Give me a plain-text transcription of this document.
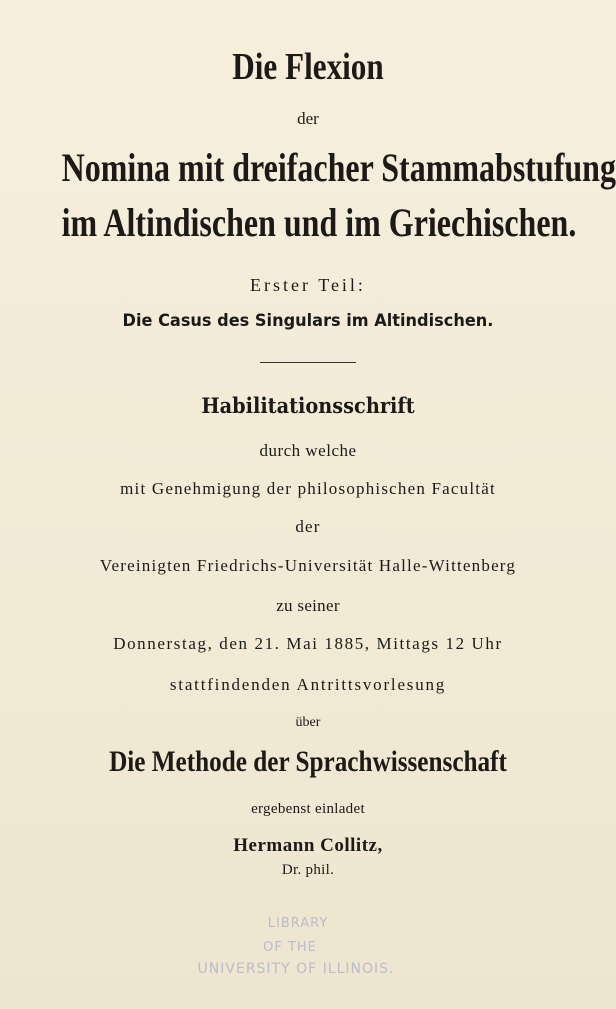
Die Flexion
der
Nomina mit dreifacher Stammabstufung
im Altindischen und im Griechischen.
Erster Teil:
Die Casus des Singulars im Altindischen.
Habilitationsschrift
durch welche
mit Genehmigung der philosophischen Facultät
der
Vereinigten Friedrichs-Universität Halle-Wittenberg
zu seiner
Donnerstag, den 21. Mai 1885, Mittags 12 Uhr
stattfindenden Antrittsvorlesung
über
Die Methode der Sprachwissenschaft
ergebenst einladet
Hermann Collitz,
Dr. phil.
LIBRARY
OF THE
UNIVERSITY OF ILLINOIS.
